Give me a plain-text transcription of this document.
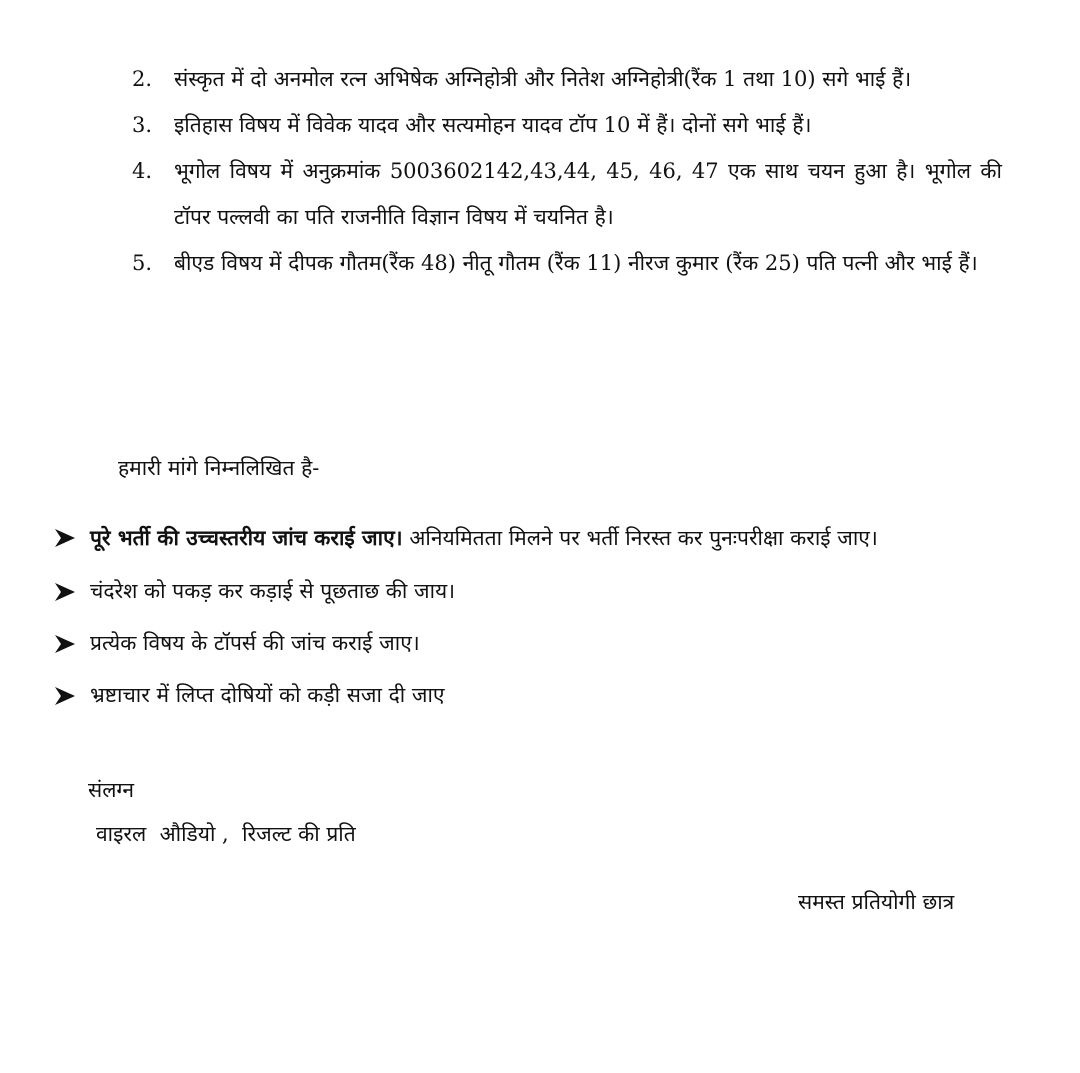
2. संस्कृत में दो अनमोल रत्न अभिषेक अग्निहोत्री और नितेश अग्निहोत्री(रैंक 1 तथा 10) सगे भाई हैं।
3. इतिहास विषय में विवेक यादव और सत्यमोहन यादव टॉप 10 में हैं। दोनों सगे भाई हैं।
4. भूगोल विषय में अनुक्रमांक 5003602142,43,44, 45, 46, 47 एक साथ चयन हुआ है। भूगोल की टॉपर पल्लवी का पति राजनीति विज्ञान विषय में चयनित है।
5. बीएड विषय में दीपक गौतम(रैंक 48) नीतू गौतम (रैंक 11) नीरज कुमार (रैंक 25) पति पत्नी और भाई हैं।

हमारी मांगे निम्नलिखित है-

पूरे भर्ती की उच्चस्तरीय जांच कराई जाए। अनियमितता मिलने पर भर्ती निरस्त कर पुनःपरीक्षा कराई जाए।
चंदरेश को पकड़ कर कड़ाई से पूछताछ की जाय।
प्रत्येक विषय के टॉपर्स की जांच कराई जाए।
भ्रष्टाचार में लिप्त दोषियों को कड़ी सजा दी जाए

संलग्न

वाइरल  औडियो ,  रिजल्ट की प्रति

समस्त प्रतियोगी छात्र
